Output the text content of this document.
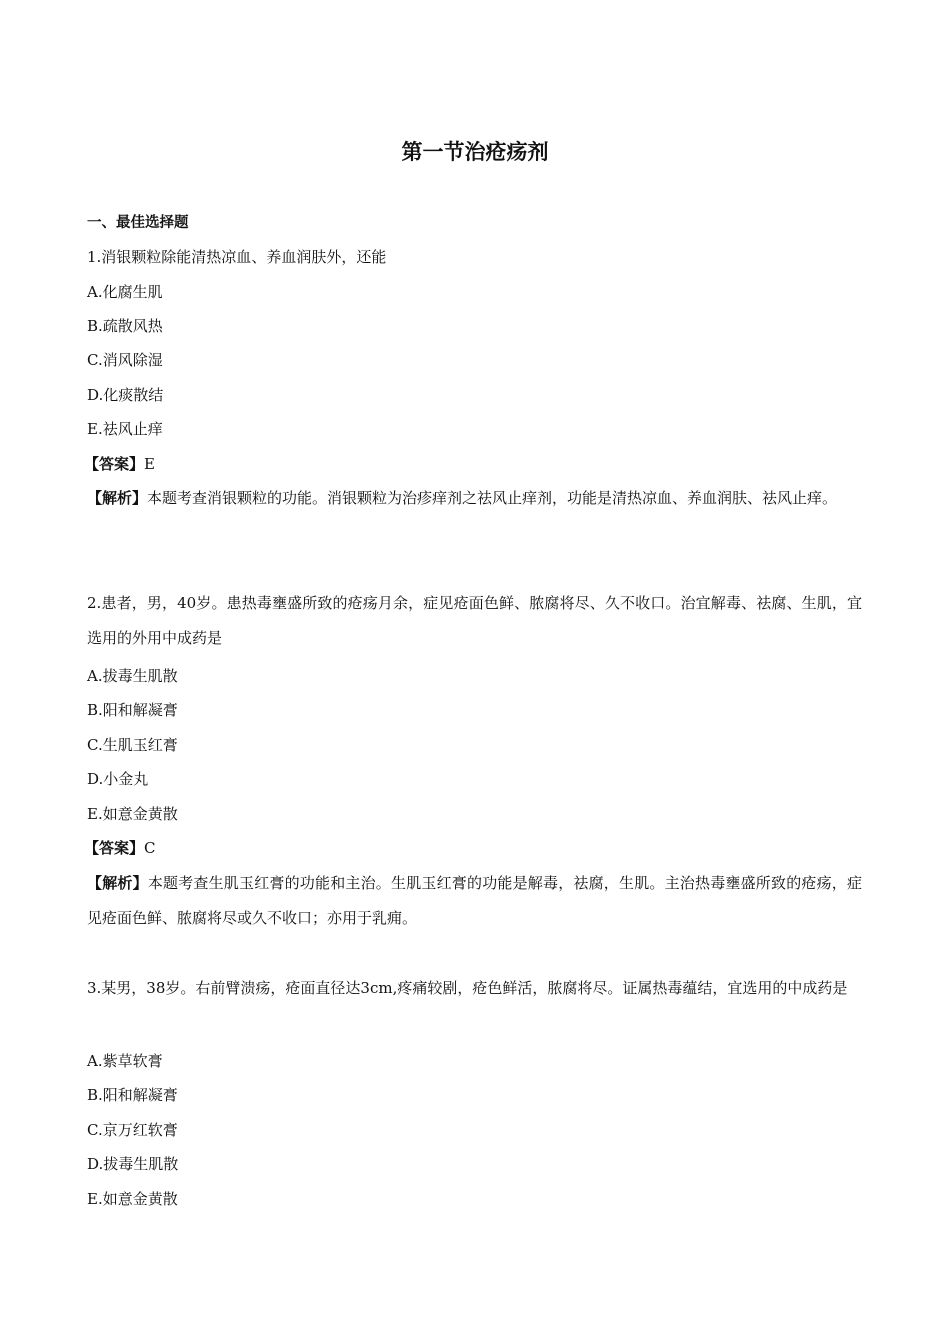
第一节治疮疡剂
一、最佳选择题
1.消银颗粒除能清热凉血、养血润肤外，还能
A.化腐生肌
B.疏散风热
C.消风除湿
D.化痰散结
E.祛风止痒
【答案】E
【解析】本题考查消银颗粒的功能。消银颗粒为治疹痒剂之祛风止痒剂，功能是清热凉血、养血润肤、祛风止痒。
2.患者，男，40岁。患热毒壅盛所致的疮疡月余，症见疮面色鲜、脓腐将尽、久不收口。治宜解毒、祛腐、生肌，宜选用的外用中成药是
A.拔毒生肌散
B.阳和解凝膏
C.生肌玉红膏
D.小金丸
E.如意金黄散
【答案】C
【解析】本题考查生肌玉红膏的功能和主治。生肌玉红膏的功能是解毒，祛腐，生肌。主治热毒壅盛所致的疮疡，症见疮面色鲜、脓腐将尽或久不收口；亦用于乳痈。
3.某男，38岁。右前臂溃疡，疮面直径达3cm,疼痛较剧，疮色鲜活，脓腐将尽。证属热毒蕴结，宜选用的中成药是
A.紫草软膏
B.阳和解凝膏
C.京万红软膏
D.拔毒生肌散
E.如意金黄散
